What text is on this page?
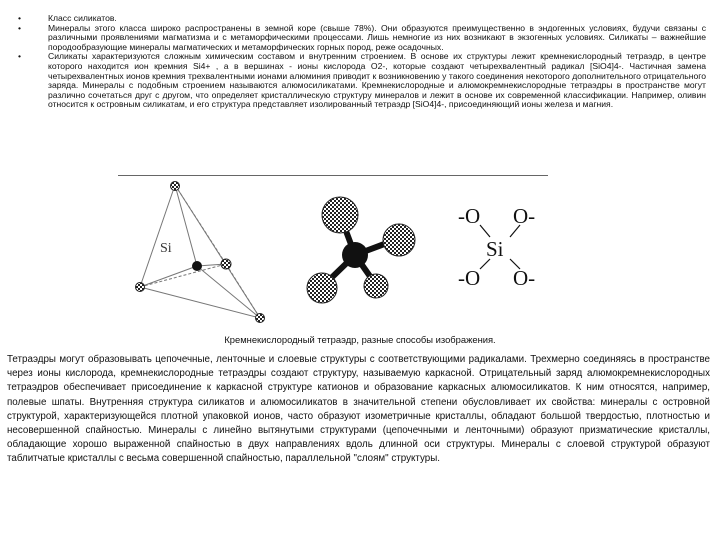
•	Класс силикатов.
•	Минералы этого класса широко распространены в земной коре (свыше 78%). Они образуются преимущественно в эндогенных условиях, будучи связаны с различными проявлениями магматизма и с метаморфическими процессами. Лишь немногие из них возникают в экзогенных условиях. Силикаты – важнейшие породообразующие минералы магматических и метаморфических горных пород, реже осадочных.
•	Силикаты характеризуются сложным химическим составом и внутренним строением. В основе их структуры лежит кремнекислородный тетраэдр, в центре которого находится ион кремния Si4+ , а в вершинах - ионы кислорода О2-, которые создают четырехвалентный радикал [SiO4]4-. Частичная замена четырехвалентных ионов кремния трехвалентными ионами алюминия приводит к возникновению у такого соединения некоторого дополнительного отрицательного заряда. Минералы с подобным строением называются алюмосиликатами. Кремнекислородные и алюмокремнекислородные тетраэдры в пространстве могут различно сочетаться друг с другом, что определяет кристаллическую структуру минералов и лежит в основе их современной классификации. Например, оливин относится к островным силикатам, и его структура представляет изолированный тетраэдр [SiO4]4-, присоединяющий ионы железа и магния.
Si
-O O-
Si
-O O-
Кремнекислородный тетраэдр, разные способы изображения.

Тетраэдры могут образовывать цепочечные, ленточные и слоевые структуры с соответствующими радикалами. Трехмерно соединяясь в пространстве через ионы кислорода, кремнекислородные тетраэдры создают структуру, называемую каркасной. Отрицательный заряд алюмокремнекислородных тетраэдров обеспечивает присоединение к каркасной структуре катионов и образование каркасных алюмосиликатов. К ним относятся, например, полевые шпаты. Внутренняя структура силикатов и алюмосиликатов в значительной степени обусловливает их свойства: минералы с островной структурой, характеризующейся плотной упаковкой ионов, часто образуют изометричные кристаллы, обладают большой твердостью, плотностью и несовершенной спайностью. Минералы с линейно вытянутыми структурами (цепочечными и ленточными) образуют призматические кристаллы, обладающие хорошо выраженной спайностью в двух направлениях вдоль длинной оси структуры. Минералы с слоевой структурой образуют таблитчатые кристаллы с весьма совершенной спайностью, параллельной "слоям" структуры.
